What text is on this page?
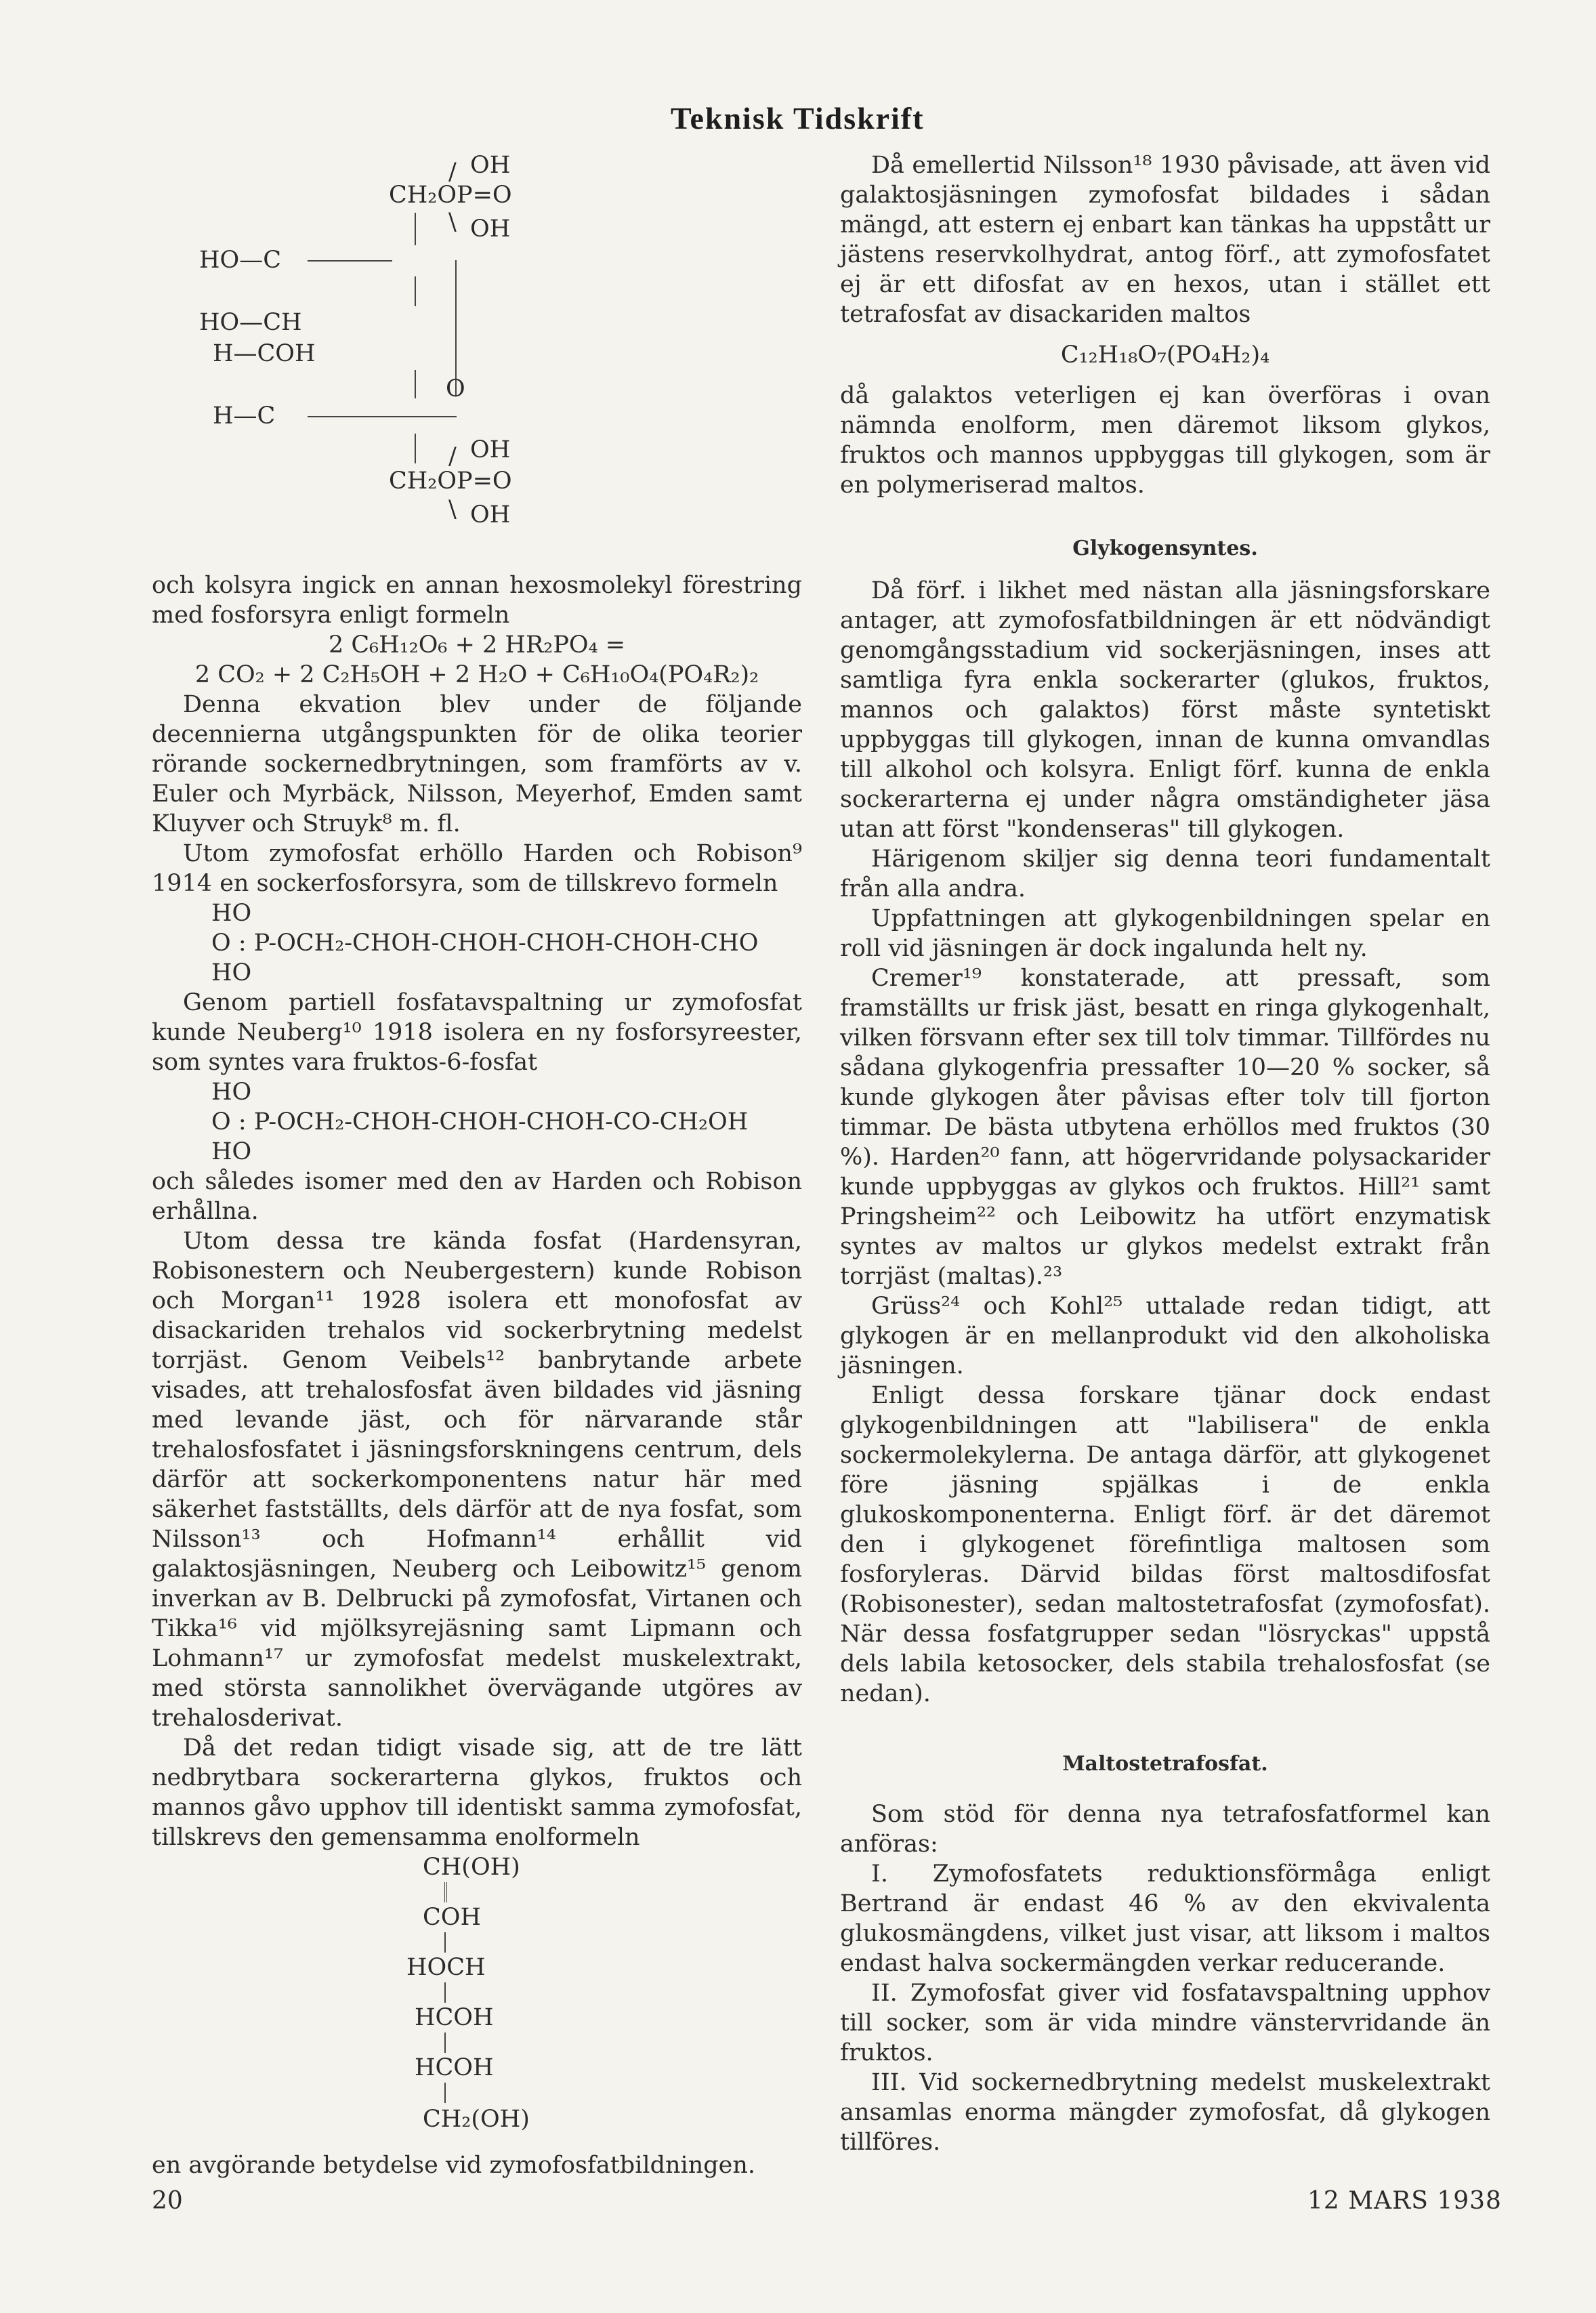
Teknisk Tidskrift
OH
/
CH₂OP=O
\ OH
HO—C
HO—CH
H—COH
O
H—C
OH
/
CH₂OP=O
\ OH

och kolsyra ingick en annan hexosmolekyl förestring med fosforsyra enligt formeln

2 C₆H₁₂O₆ + 2 HR₂PO₄ =
2 CO₂ + 2 C₂H₅OH + 2 H₂O + C₆H₁₀O₄(PO₄R₂)₂

Denna ekvation blev under de följande decennierna utgångspunkten för de olika teorier rörande sockernedbrytningen, som framförts av v. Euler och Myrbäck, Nilsson, Meyerhof, Emden samt Kluyver och Struyk⁸ m. fl.

Utom zymofosfat erhöllo Harden och Robison⁹ 1914 en sockerfosforsyra, som de tillskrevo formeln

HO
O : P-OCH₂-CHOH-CHOH-CHOH-CHOH-CHO
HO

Genom partiell fosfatavspaltning ur zymofosfat kunde Neuberg¹⁰ 1918 isolera en ny fosforsyreester, som syntes vara fruktos-6-fosfat

HO
O : P-OCH₂-CHOH-CHOH-CHOH-CO-CH₂OH
HO

och således isomer med den av Harden och Robison erhållna.

Utom dessa tre kända fosfat (Hardensyran, Robisonestern och Neubergestern) kunde Robison och Morgan¹¹ 1928 isolera ett monofosfat av disackariden trehalos vid sockerbrytning medelst torrjäst. Genom Veibels¹² banbrytande arbete visades, att trehalosfosfat även bildades vid jäsning med levande jäst, och för närvarande står trehalosfosfatet i jäsningsforskningens centrum, dels därför att sockerkomponentens natur här med säkerhet fastställts, dels därför att de nya fosfat, som Nilsson¹³ och Hofmann¹⁴ erhållit vid galaktosjäsningen, Neuberg och Leibowitz¹⁵ genom inverkan av B. Delbrucki på zymofosfat, Virtanen och Tikka¹⁶ vid mjölksyrejäsning samt Lipmann och Lohmann¹⁷ ur zymofosfat medelst muskelextrakt, med största sannolikhet övervägande utgöres av trehalosderivat.

Då det redan tidigt visade sig, att de tre lätt nedbrytbara sockerarterna glykos, fruktos och mannos gåvo upphov till identiskt samma zymofosfat, tillskrevs den gemensamma enolformeln

CH(OH)
COH
HOCH
HCOH
HCOH
CH₂(OH)

en avgörande betydelse vid zymofosfatbildningen.

Då emellertid Nilsson¹⁸ 1930 påvisade, att även vid galaktosjäsningen zymofosfat bildades i sådan mängd, att estern ej enbart kan tänkas ha uppstått ur jästens reservkolhydrat, antog förf., att zymofosfatet ej är ett difosfat av en hexos, utan i stället ett tetrafosfat av disackariden maltos

C₁₂H₁₈O₇(PO₄H₂)₄

då galaktos veterligen ej kan överföras i ovan nämnda enolform, men däremot liksom glykos, fruktos och mannos uppbyggas till glykogen, som är en polymeriserad maltos.

Glykogensyntes.

Då förf. i likhet med nästan alla jäsningsforskare antager, att zymofosfatbildningen är ett nödvändigt genomgångsstadium vid sockerjäsningen, inses att samtliga fyra enkla sockerarter (glukos, fruktos, mannos och galaktos) först måste syntetiskt uppbyggas till glykogen, innan de kunna omvandlas till alkohol och kolsyra. Enligt förf. kunna de enkla sockerarterna ej under några omständigheter jäsa utan att först "kondenseras" till glykogen.

Härigenom skiljer sig denna teori fundamentalt från alla andra.

Uppfattningen att glykogenbildningen spelar en roll vid jäsningen är dock ingalunda helt ny.

Cremer¹⁹ konstaterade, att pressaft, som framställts ur frisk jäst, besatt en ringa glykogenhalt, vilken försvann efter sex till tolv timmar. Tillfördes nu sådana glykogenfria pressafter 10—20 % socker, så kunde glykogen åter påvisas efter tolv till fjorton timmar. De bästa utbytena erhöllos med fruktos (30 %). Harden²⁰ fann, att högervridande polysackarider kunde uppbyggas av glykos och fruktos. Hill²¹ samt Pringsheim²² och Leibowitz ha utfört enzymatisk syntes av maltos ur glykos medelst extrakt från torrjäst (maltas).²³

Grüss²⁴ och Kohl²⁵ uttalade redan tidigt, att glykogen är en mellanprodukt vid den alkoholiska jäsningen.

Enligt dessa forskare tjänar dock endast glykogenbildningen att "labilisera" de enkla sockermolekylerna. De antaga därför, att glykogenet före jäsning spjälkas i de enkla glukoskomponenterna. Enligt förf. är det däremot den i glykogenet förefintliga maltosen som fosforyleras. Därvid bildas först maltosdifosfat (Robisonester), sedan maltostetrafosfat (zymofosfat). När dessa fosfatgrupper sedan "lösryckas" uppstå dels labila ketosocker, dels stabila trehalosfosfat (se nedan).

Maltostetrafosfat.

Som stöd för denna nya tetrafosfatformel kan anföras:

I. Zymofosfatets reduktionsförmåga enligt Bertrand är endast 46 % av den ekvivalenta glukosmängdens, vilket just visar, att liksom i maltos endast halva sockermängden verkar reducerande.

II. Zymofosfat giver vid fosfatavspaltning upphov till socker, som är vida mindre vänstervridande än fruktos.

III. Vid sockernedbrytning medelst muskelextrakt ansamlas enorma mängder zymofosfat, då glykogen tillföres.

20	12 MARS 1938
